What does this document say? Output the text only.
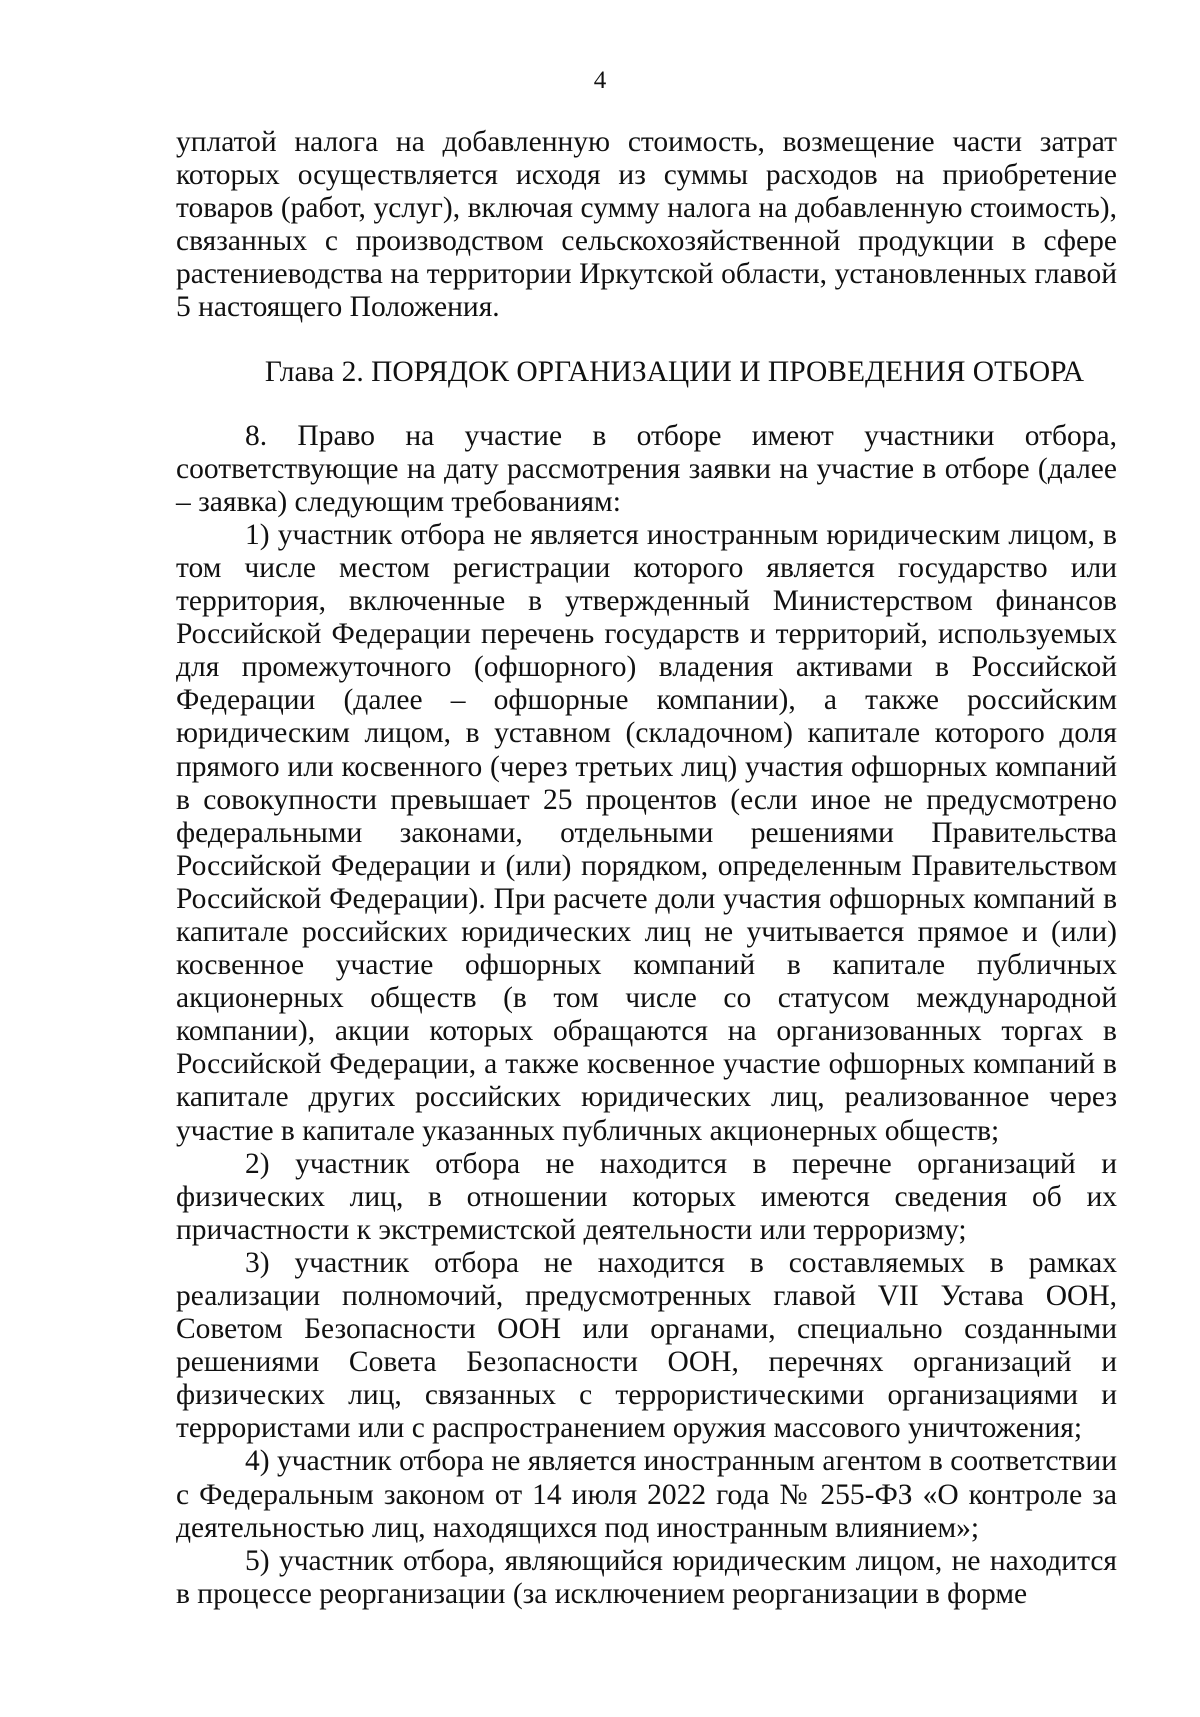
4

уплатой налога на добавленную стоимость, возмещение части затрат которых осуществляется исходя из суммы расходов на приобретение товаров (работ, услуг), включая сумму налога на добавленную стоимость), связанных с производством сельскохозяйственной продукции в сфере растениеводства на территории Иркутской области, установленных главой 5 настоящего Положения.

Глава 2. ПОРЯДОК ОРГАНИЗАЦИИ И ПРОВЕДЕНИЯ ОТБОРА

8. Право на участие в отборе имеют участники отбора, соответствующие на дату рассмотрения заявки на участие в отборе (далее – заявка) следующим требованиям:

1) участник отбора не является иностранным юридическим лицом, в том числе местом регистрации которого является государство или территория, включенные в утвержденный Министерством финансов Российской Федерации перечень государств и территорий, используемых для промежуточного (офшорного) владения активами в Российской Федерации (далее – офшорные компании), а также российским юридическим лицом, в уставном (складочном) капитале которого доля прямого или косвенного (через третьих лиц) участия офшорных компаний в совокупности превышает 25 процентов (если иное не предусмотрено федеральными законами, отдельными решениями Правительства Российской Федерации и (или) порядком, определенным Правительством Российской Федерации). При расчете доли участия офшорных компаний в капитале российских юридических лиц не учитывается прямое и (или) косвенное участие офшорных компаний в капитале публичных акционерных обществ (в том числе со статусом международной компании), акции которых обращаются на организованных торгах в Российской Федерации, а также косвенное участие офшорных компаний в капитале других российских юридических лиц, реализованное через участие в капитале указанных публичных акционерных обществ;

2) участник отбора не находится в перечне организаций и физических лиц, в отношении которых имеются сведения об их причастности к экстремистской деятельности или терроризму;

3) участник отбора не находится в составляемых в рамках реализации полномочий, предусмотренных главой VII Устава ООН, Советом Безопасности ООН или органами, специально созданными решениями Совета Безопасности ООН, перечнях организаций и физических лиц, связанных с террористическими организациями и террористами или с распространением оружия массового уничтожения;

4) участник отбора не является иностранным агентом в соответствии с Федеральным законом от 14 июля 2022 года № 255-ФЗ «О контроле за деятельностью лиц, находящихся под иностранным влиянием»;

5) участник отбора, являющийся юридическим лицом, не находится в процессе реорганизации (за исключением реорганизации в форме
